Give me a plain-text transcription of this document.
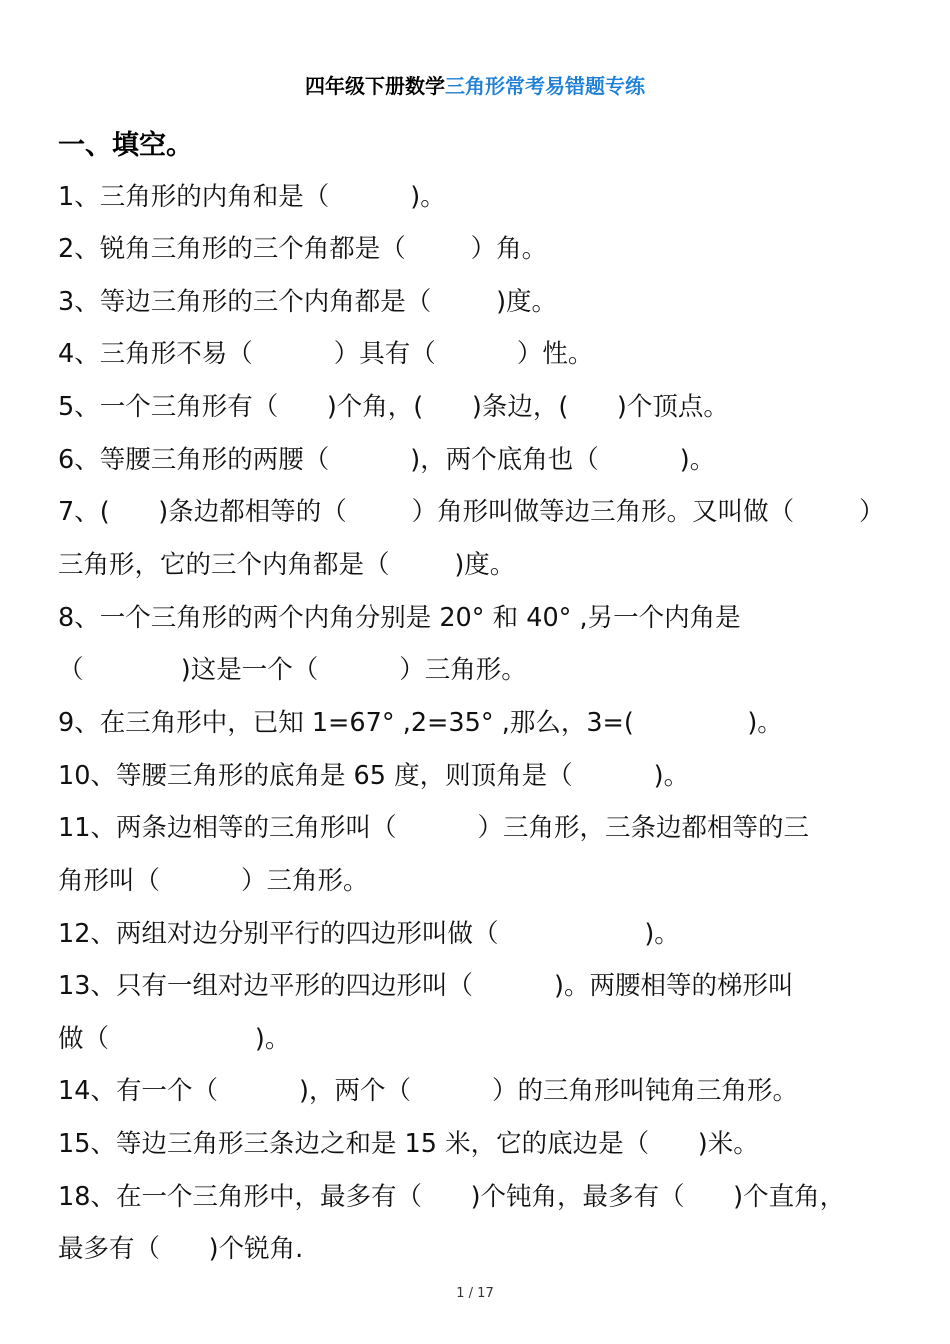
四年级下册数学三角形常考易错题专练
一、填空。
1、三角形的内角和是（          )。
2、锐角三角形的三个角都是（        ）角。
3、等边三角形的三个内角都是（        )度。
4、三角形不易（          ）具有（          ）性。
5、一个三角形有（      )个角，(      )条边，(      )个顶点。
6、等腰三角形的两腰（          )，两个底角也（          )。
7、(      )条边都相等的（        ）角形叫做等边三角形。又叫做（        ）
三角形，它的三个内角都是（        )度。
8、一个三角形的两个内角分别是 20° 和 40° ,另一个内角是
（            )这是一个（          ）三角形。
9、在三角形中，已知 1=67° ,2=35° ,那么，3=(              )。
10、等腰三角形的底角是 65 度，则顶角是（          )。
11、两条边相等的三角形叫（          ）三角形，三条边都相等的三
角形叫（          ）三角形。
12、两组对边分别平行的四边形叫做（                  )。
13、只有一组对边平形的四边形叫（          )。两腰相等的梯形叫
做（                  )。
14、有一个（          )，两个（          ）的三角形叫钝角三角形。
15、等边三角形三条边之和是 15 米，它的底边是（      )米。
18、在一个三角形中，最多有（      )个钝角，最多有（      )个直角，
最多有（      )个锐角.
1 / 17
